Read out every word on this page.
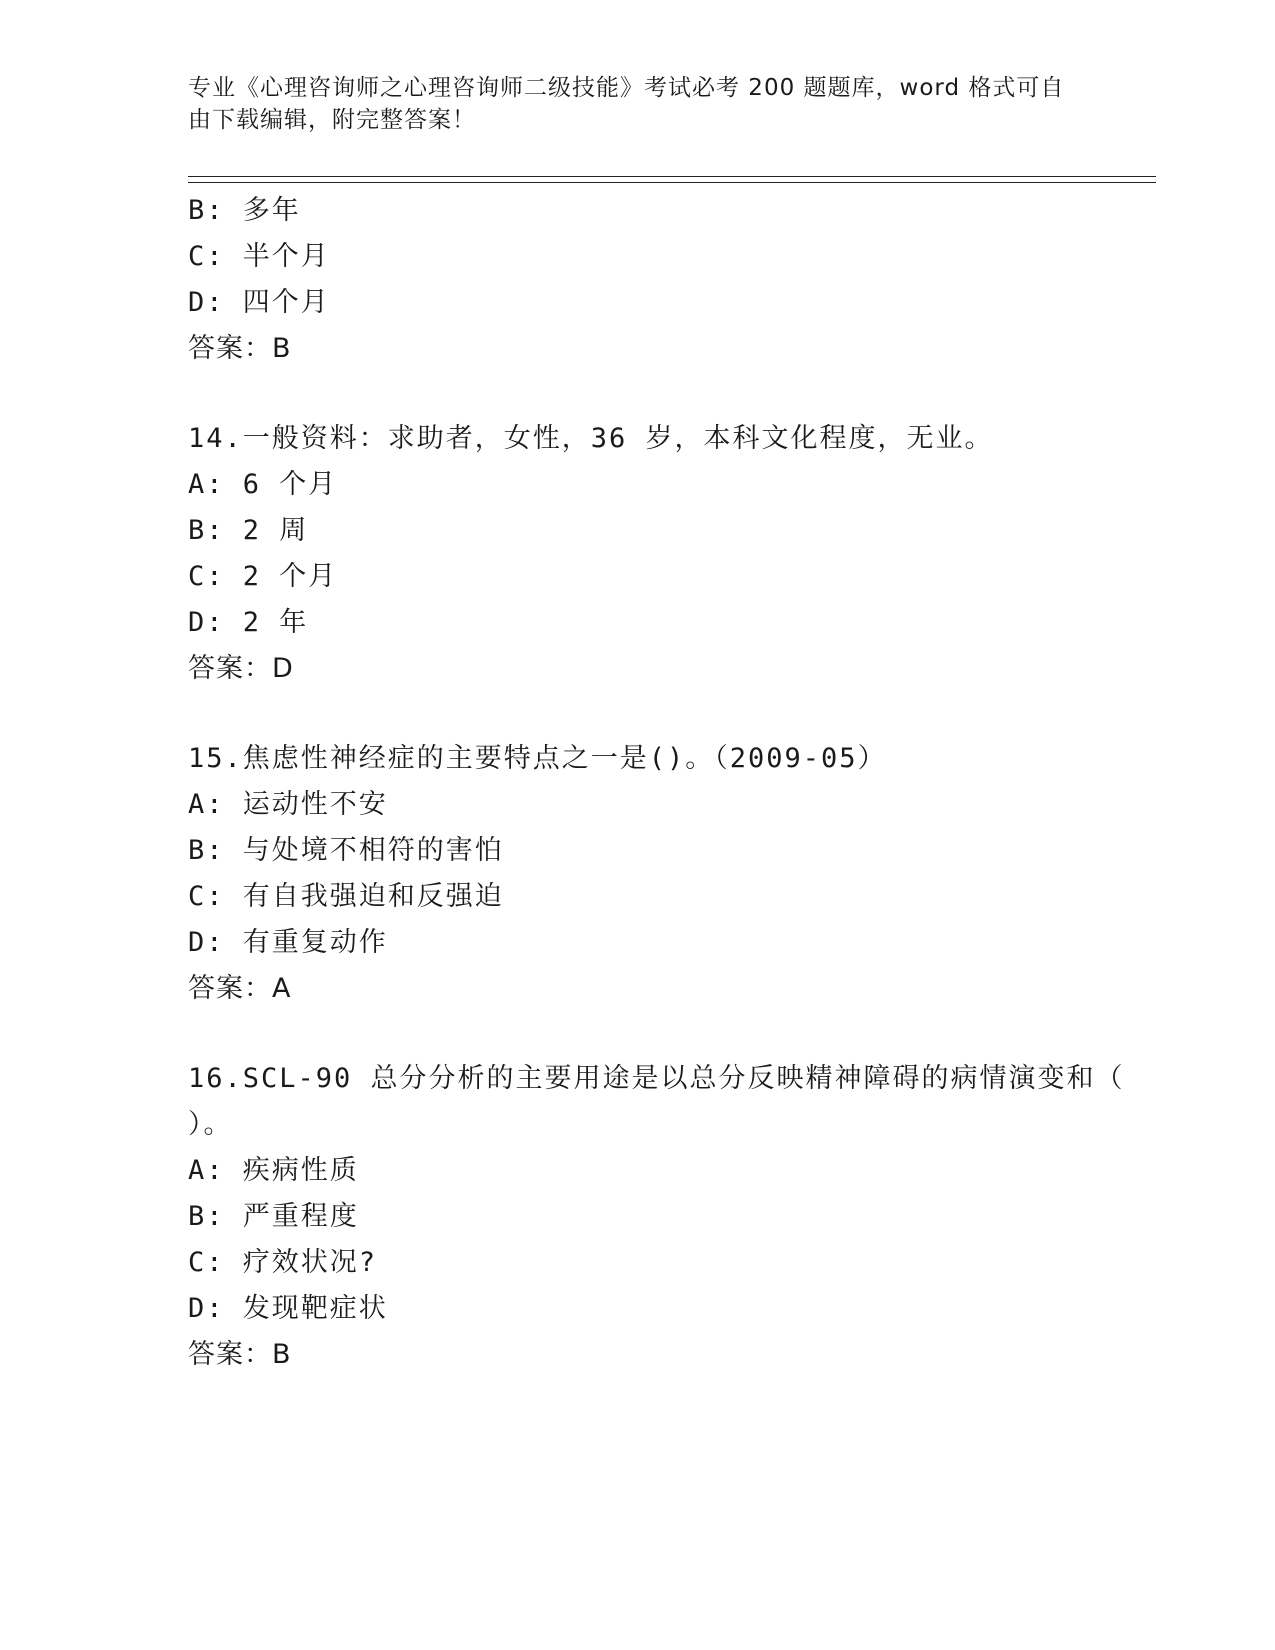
专业《心理咨询师之心理咨询师二级技能》考试必考 200 题题库，word 格式可自
由下载编辑，附完整答案！
B: 多年
C: 半个月
D: 四个月
答案：B
14.一般资料：求助者，女性，36 岁，本科文化程度，无业。
A: 6 个月
B: 2 周
C: 2 个月
D: 2 年
答案：D
15.焦虑性神经症的主要特点之一是()。（2009-05）
A: 运动性不安
B: 与处境不相符的害怕
C: 有自我强迫和反强迫
D: 有重复动作
答案：A
16.SCL-90 总分分析的主要用途是以总分反映精神障碍的病情演变和（
）。
A: 疾病性质
B: 严重程度
C: 疗效状况?
D: 发现靶症状
答案：B
